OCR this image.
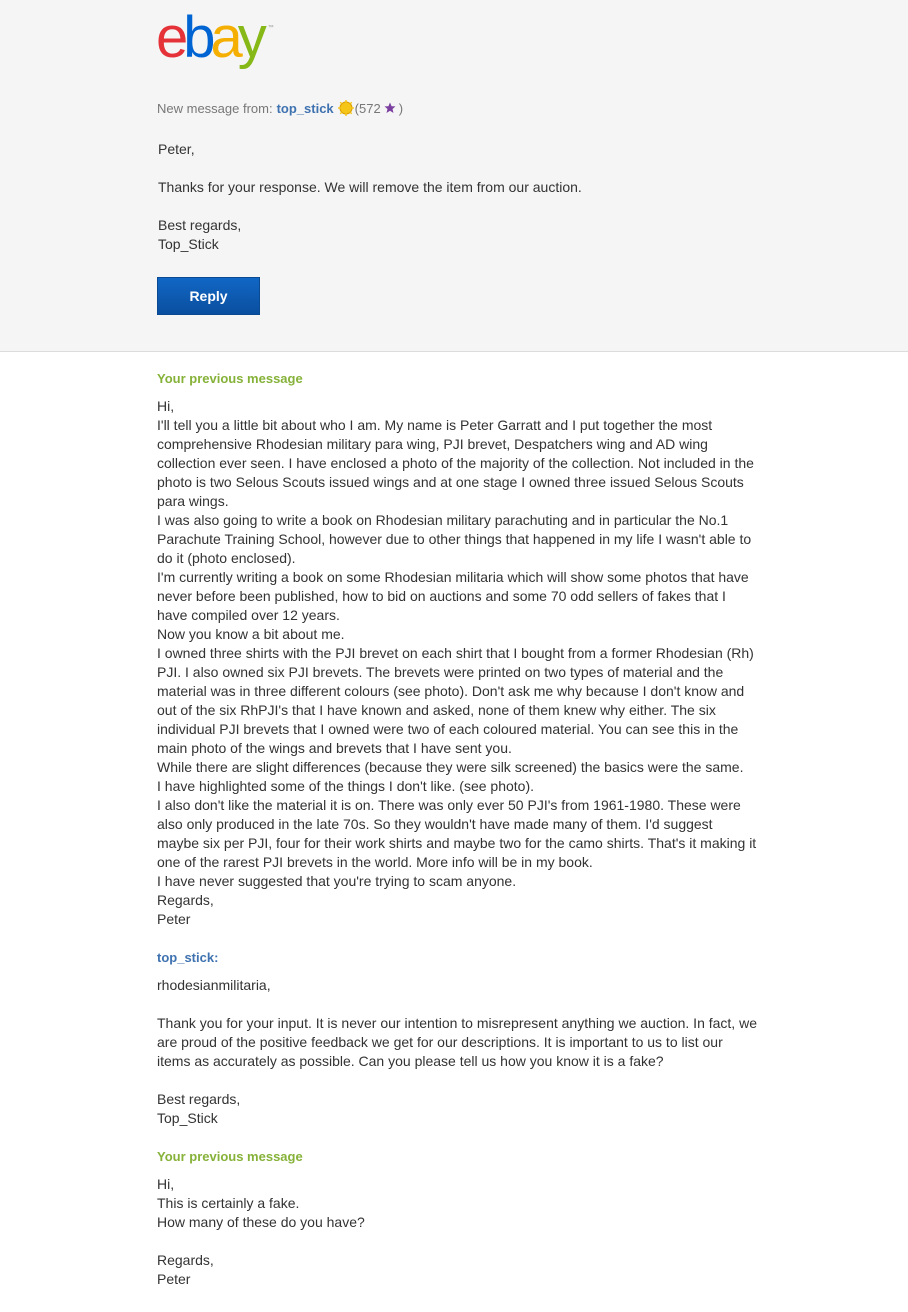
e b a y ™
New message from: top_stick (572 )

Peter,

Thanks for your response. We will remove the item from our auction.

Best regards,

Top_Stick

Reply
Your previous message

Hi,

I'll tell you a little bit about who I am. My name is Peter Garratt and I put together the most

comprehensive Rhodesian military para wing, PJI brevet, Despatchers wing and AD wing

collection ever seen. I have enclosed a photo of the majority of the collection. Not included in the

photo is two Selous Scouts issued wings and at one stage I owned three issued Selous Scouts

para wings.

I was also going to write a book on Rhodesian military parachuting and in particular the No.1

Parachute Training School, however due to other things that happened in my life I wasn't able to

do it (photo enclosed).

I'm currently writing a book on some Rhodesian militaria which will show some photos that have

never before been published, how to bid on auctions and some 70 odd sellers of fakes that I

have compiled over 12 years.

Now you know a bit about me.

I owned three shirts with the PJI brevet on each shirt that I bought from a former Rhodesian (Rh)

PJI. I also owned six PJI brevets. The brevets were printed on two types of material and the

material was in three different colours (see photo). Don't ask me why because I don't know and

out of the six RhPJI's that I have known and asked, none of them knew why either. The six

individual PJI brevets that I owned were two of each coloured material. You can see this in the

main photo of the wings and brevets that I have sent you.

While there are slight differences (because they were silk screened) the basics were the same.

I have highlighted some of the things I don't like. (see photo).

I also don't like the material it is on. There was only ever 50 PJI's from 1961-1980. These were

also only produced in the late 70s. So they wouldn't have made many of them. I'd suggest

maybe six per PJI, four for their work shirts and maybe two for the camo shirts. That's it making it

one of the rarest PJI brevets in the world. More info will be in my book.

I have never suggested that you're trying to scam anyone.

Regards,

Peter

top_stick:

rhodesianmilitaria,

Thank you for your input. It is never our intention to misrepresent anything we auction. In fact, we

are proud of the positive feedback we get for our descriptions. It is important to us to list our

items as accurately as possible. Can you please tell us how you know it is a fake?

Best regards,

Top_Stick

Your previous message

Hi,

This is certainly a fake.

How many of these do you have?

Regards,

Peter
